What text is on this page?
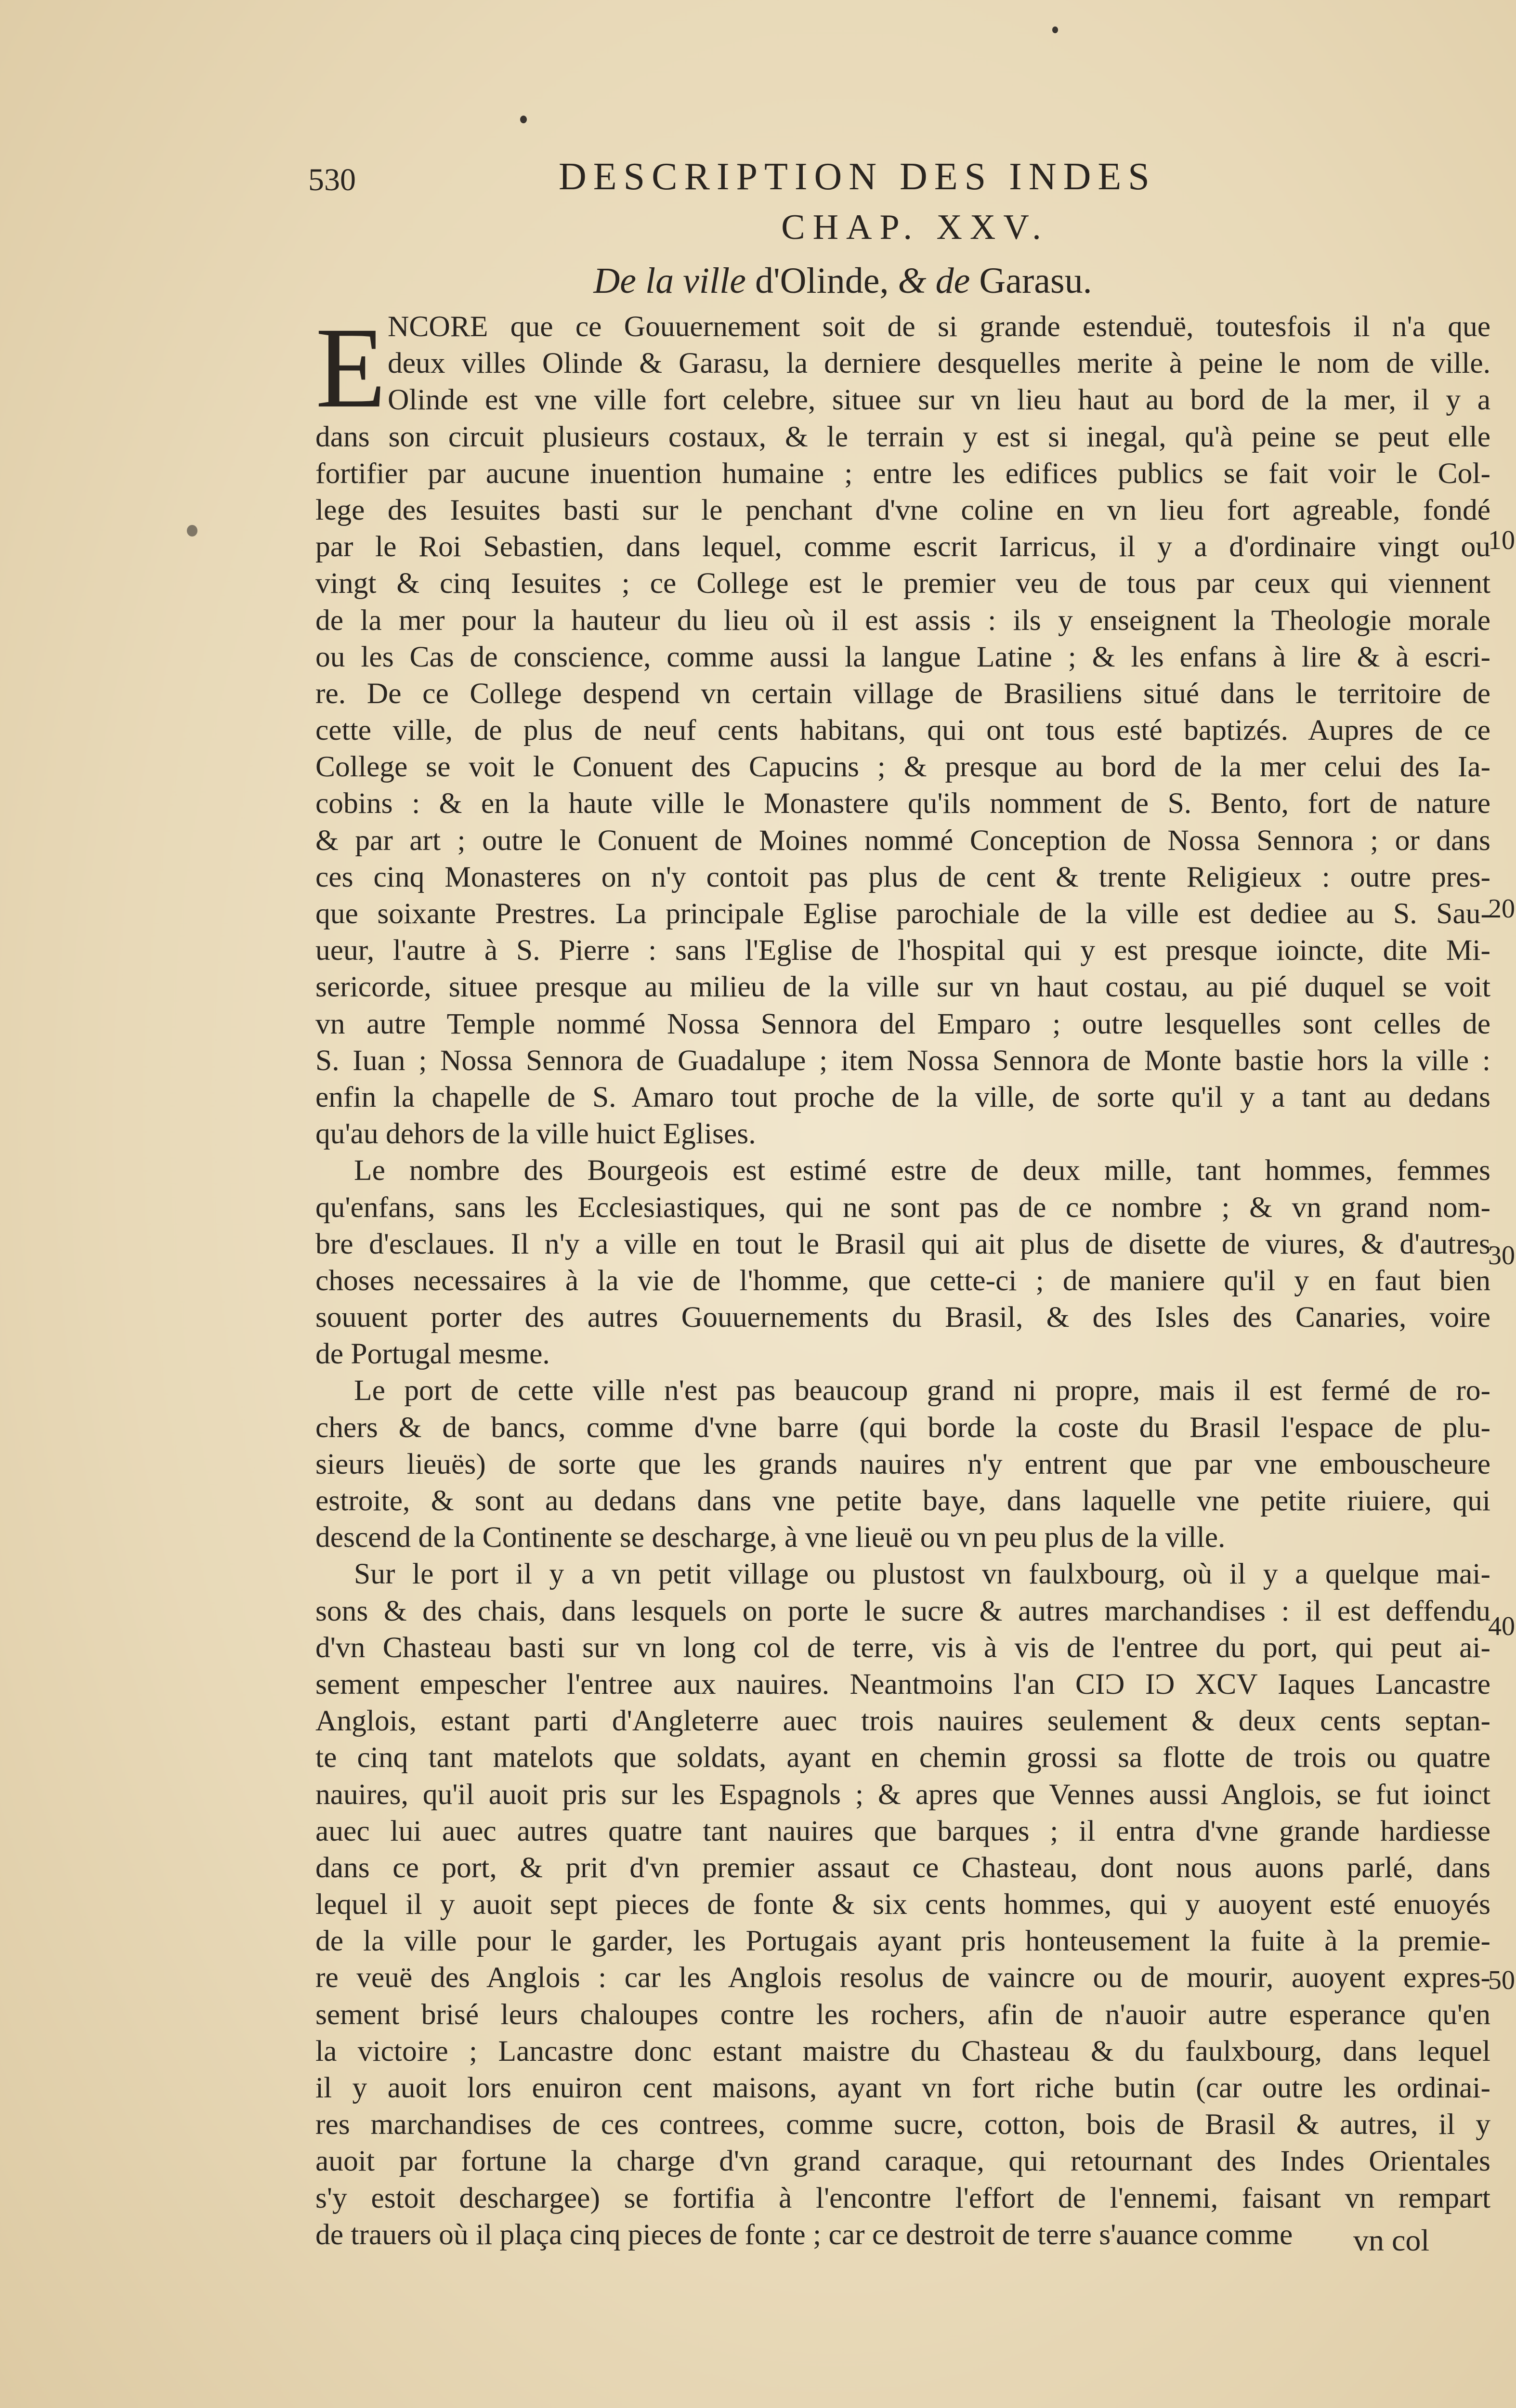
530	DESCRIPTION DES INDES
CHAP. XXV.
De la ville d'Olinde, & de Garasu.
E NCORE que ce Gouuernement soit de si grande estenduë, toutesfois il n'a que
deux villes Olinde & Garasu, la derniere desquelles merite à peine le nom de ville.
Olinde est vne ville fort celebre, situee sur vn lieu haut au bord de la mer, il y a
dans son circuit plusieurs costaux, & le terrain y est si inegal, qu'à peine se peut elle
fortifier par aucune inuention humaine ; entre les edifices publics se fait voir le Col-
lege des Iesuites basti sur le penchant d'vne coline en vn lieu fort agreable, fondé
par le Roi Sebastien, dans lequel, comme escrit Iarricus, il y a d'ordinaire vingt ou
vingt & cinq Iesuites ; ce College est le premier veu de tous par ceux qui viennent
de la mer pour la hauteur du lieu où il est assis : ils y enseignent la Theologie morale
ou les Cas de conscience, comme aussi la langue Latine ; & les enfans à lire & à escri-
re. De ce College despend vn certain village de Brasiliens situé dans le territoire de
cette ville, de plus de neuf cents habitans, qui ont tous esté baptizés. Aupres de ce
College se voit le Conuent des Capucins ; & presque au bord de la mer celui des Ia-
cobins : & en la haute ville le Monastere qu'ils nomment de S. Bento, fort de nature
& par art ; outre le Conuent de Moines nommé Conception de Nossa Sennora ; or dans
ces cinq Monasteres on n'y contoit pas plus de cent & trente Religieux : outre pres-
que soixante Prestres. La principale Eglise parochiale de la ville est dediee au S. Sau-
ueur, l'autre à S. Pierre : sans l'Eglise de l'hospital qui y est presque ioincte, dite Mi-
sericorde, situee presque au milieu de la ville sur vn haut costau, au pié duquel se voit
vn autre Temple nommé Nossa Sennora del Emparo ; outre lesquelles sont celles de
S. Iuan ; Nossa Sennora de Guadalupe ; item Nossa Sennora de Monte bastie hors la ville :
enfin la chapelle de S. Amaro tout proche de la ville, de sorte qu'il y a tant au dedans
qu'au dehors de la ville huict Eglises.
Le nombre des Bourgeois est estimé estre de deux mille, tant hommes, femmes
qu'enfans, sans les Ecclesiastiques, qui ne sont pas de ce nombre ; & vn grand nom-
bre d'esclaues. Il n'y a ville en tout le Brasil qui ait plus de disette de viures, & d'autres
choses necessaires à la vie de l'homme, que cette-ci ; de maniere qu'il y en faut bien
souuent porter des autres Gouuernements du Brasil, & des Isles des Canaries, voire
de Portugal mesme.
Le port de cette ville n'est pas beaucoup grand ni propre, mais il est fermé de ro-
chers & de bancs, comme d'vne barre (qui borde la coste du Brasil l'espace de plu-
sieurs lieuës) de sorte que les grands nauires n'y entrent que par vne embouscheure
estroite, & sont au dedans dans vne petite baye, dans laquelle vne petite riuiere, qui
descend de la Continente se descharge, à vne lieuë ou vn peu plus de la ville.
Sur le port il y a vn petit village ou plustost vn faulxbourg, où il y a quelque mai-
sons & des chais, dans lesquels on porte le sucre & autres marchandises : il est deffendu
d'vn Chasteau basti sur vn long col de terre, vis à vis de l'entree du port, qui peut ai-
sement empescher l'entree aux nauires. Neantmoins l'an CIƆ IƆ XCV Iaques Lancastre
Anglois, estant parti d'Angleterre auec trois nauires seulement & deux cents septan-
te cinq tant matelots que soldats, ayant en chemin grossi sa flotte de trois ou quatre
nauires, qu'il auoit pris sur les Espagnols ; & apres que Vennes aussi Anglois, se fut ioinct
auec lui auec autres quatre tant nauires que barques ; il entra d'vne grande hardiesse
dans ce port, & prit d'vn premier assaut ce Chasteau, dont nous auons parlé, dans
lequel il y auoit sept pieces de fonte & six cents hommes, qui y auoyent esté enuoyés
de la ville pour le garder, les Portugais ayant pris honteusement la fuite à la premie-
re veuë des Anglois : car les Anglois resolus de vaincre ou de mourir, auoyent expres-
sement brisé leurs chaloupes contre les rochers, afin de n'auoir autre esperance qu'en
la victoire ; Lancastre donc estant maistre du Chasteau & du faulxbourg, dans lequel
il y auoit lors enuiron cent maisons, ayant vn fort riche butin (car outre les ordinai-
res marchandises de ces contrees, comme sucre, cotton, bois de Brasil & autres, il y
auoit par fortune la charge d'vn grand caraque, qui retournant des Indes Orientales
s'y estoit deschargee) se fortifia à l'encontre l'effort de l'ennemi, faisant vn rempart
de trauers où il plaça cinq pieces de fonte ; car ce destroit de terre s'auance comme
10
20
30
40
50
vn col
